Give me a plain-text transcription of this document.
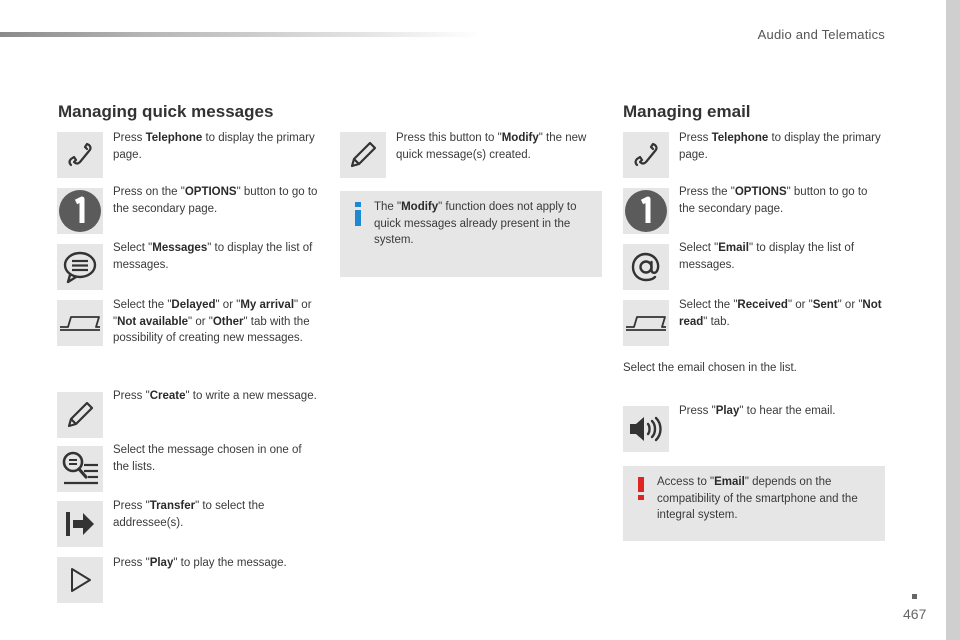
Audio and Telematics
Managing quick messages
Press Telephone to display the primary page.
Press on the "OPTIONS" button to go to the secondary page.
Select "Messages" to display the list of messages.
Select the "Delayed" or "My arrival" or "Not available" or "Other" tab with the possibility of creating new messages.
Press "Create" to write a new message.
Select the message chosen in one of the lists.
Press "Transfer" to select the addressee(s).
Press "Play" to play the message.
Press this button to "Modify" the new quick message(s) created.
The "Modify" function does not apply to quick messages already present in the system.
Managing email
Press Telephone to display the primary page.
Press the "OPTIONS" button to go to the secondary page.
Select "Email" to display the list of messages.
Select the "Received" or "Sent" or "Not read" tab.
Select the email chosen in the list.
Press "Play" to hear the email.
Access to "Email" depends on the compatibility of the smartphone and the integral system.
467
